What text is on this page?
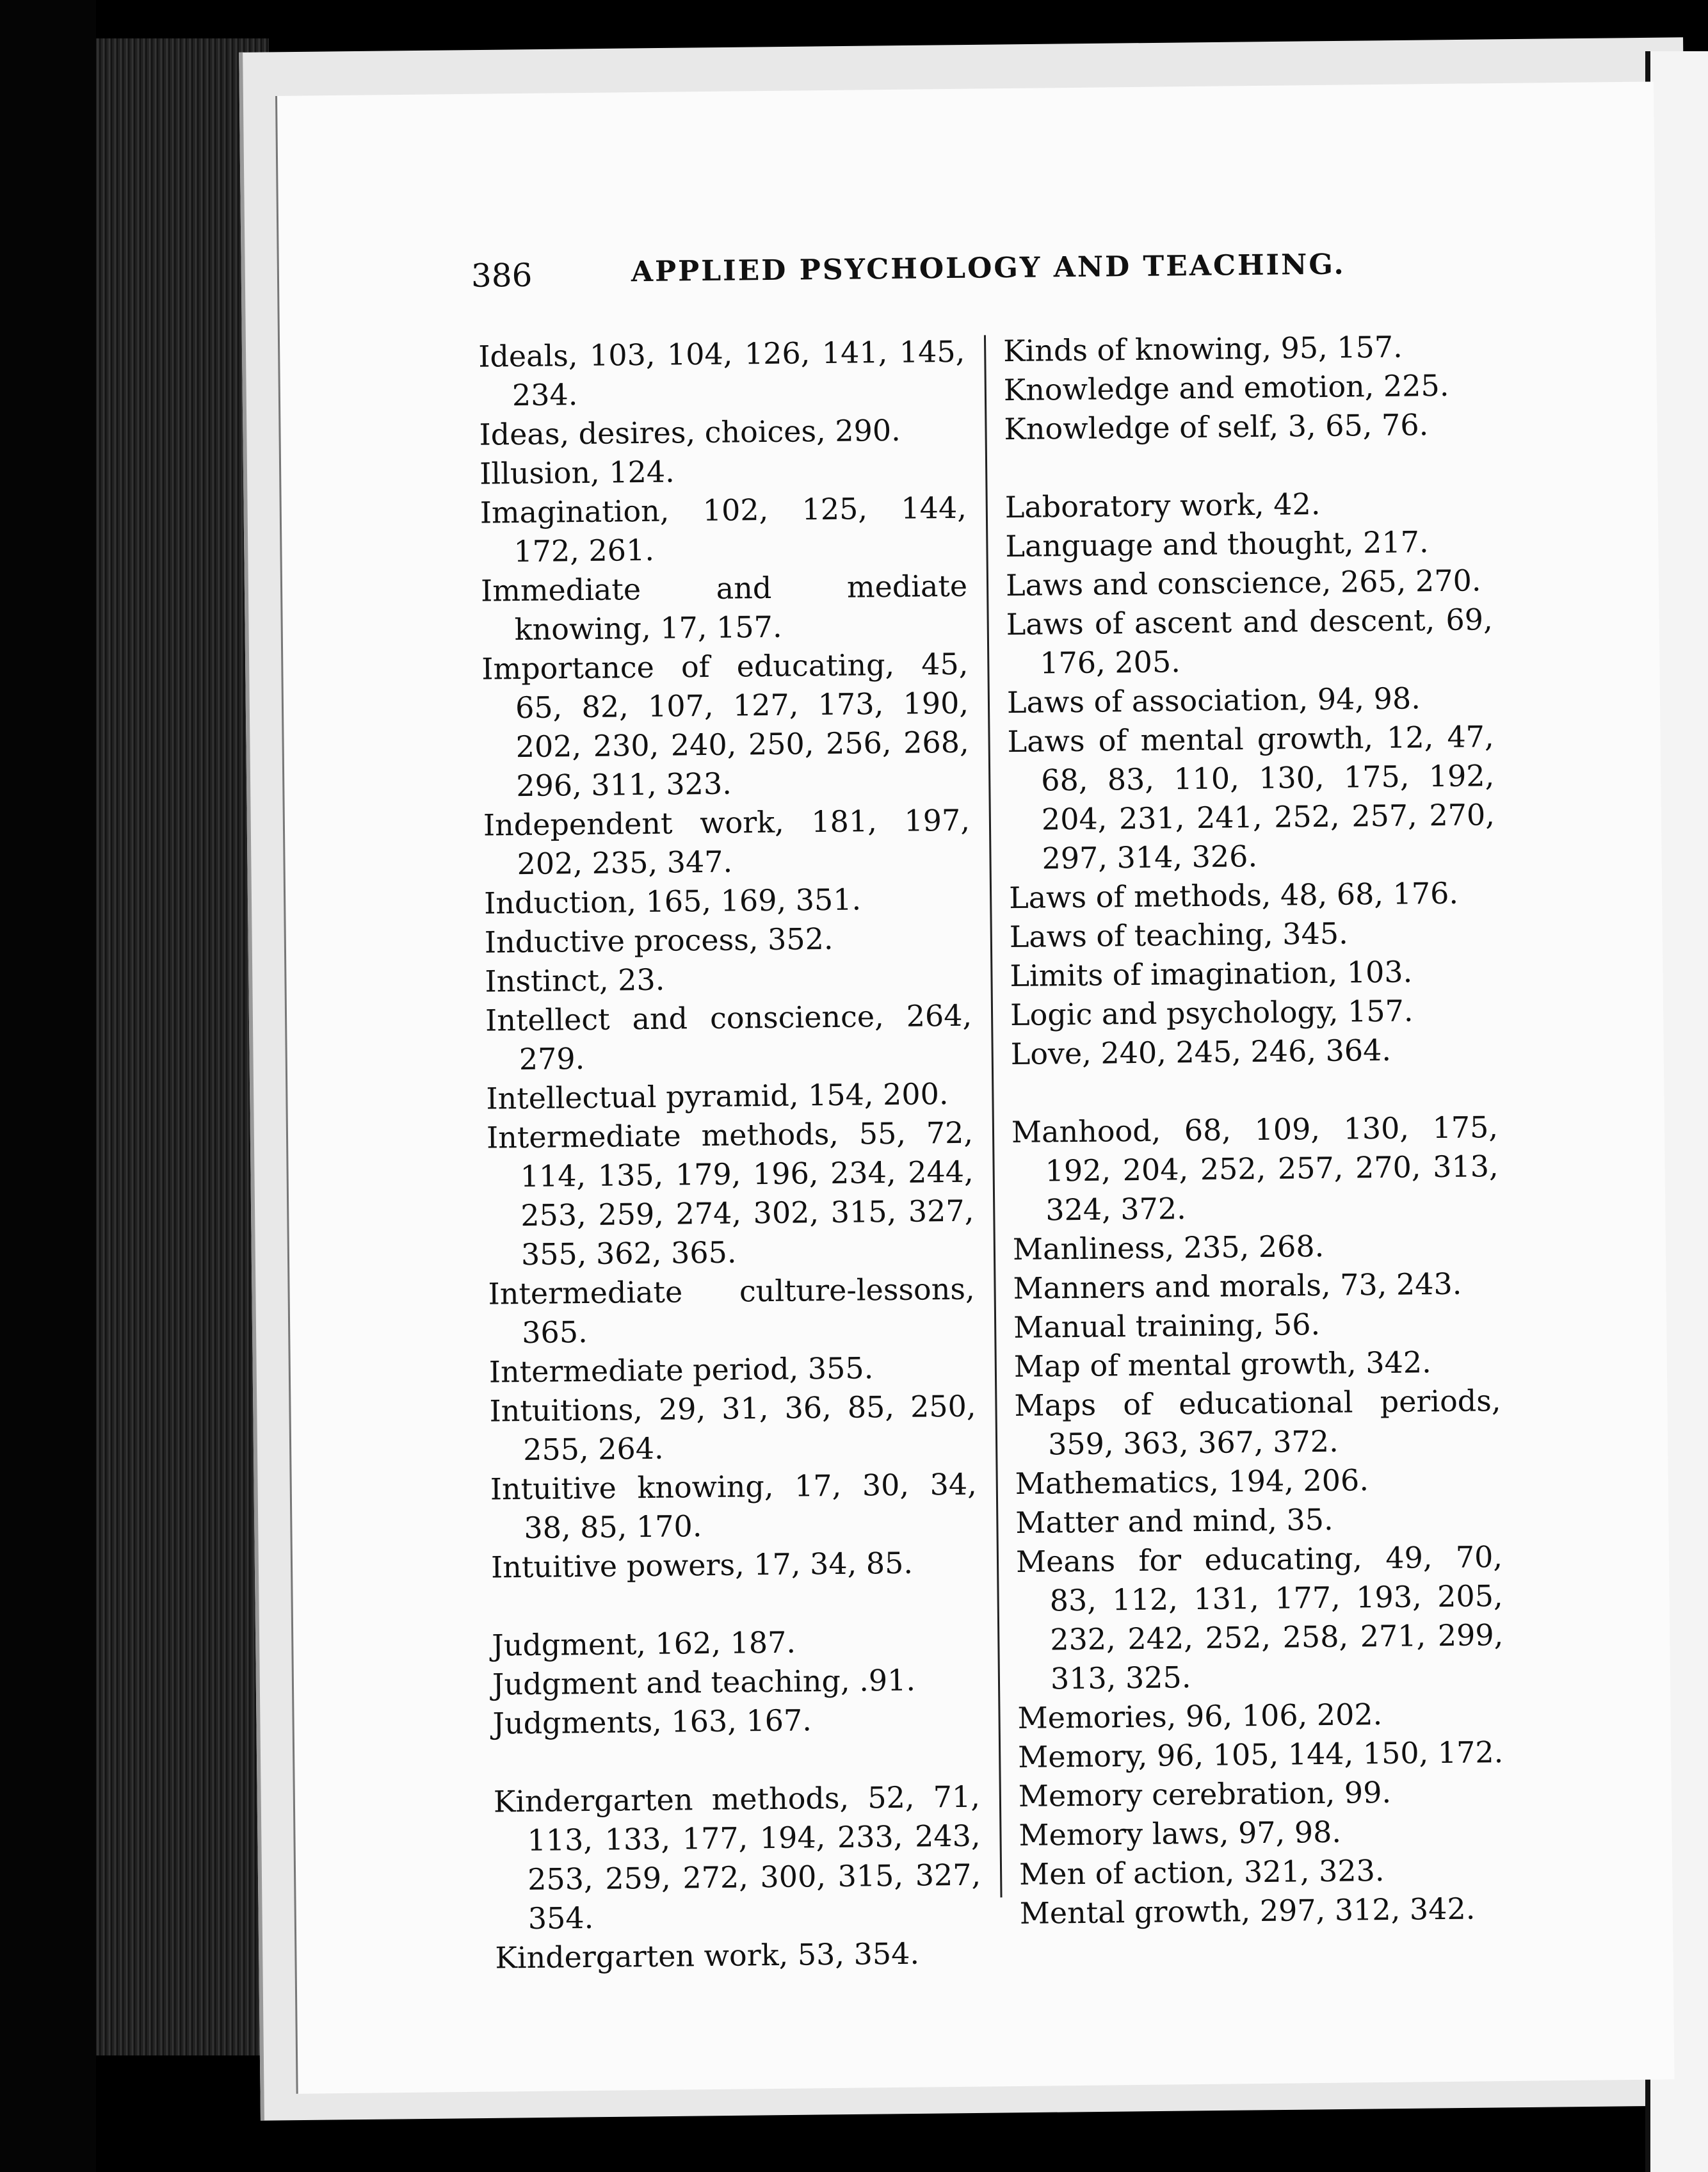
386	APPLIED PSYCHOLOGY AND TEACHING.

Ideals, 103, 104, 126, 141, 145, 234.

Ideas, desires, choices, 290.

Illusion, 124.

Imagination, 102, 125, 144, 172, 261.

Immediate and mediate knowing, 17, 157.

Importance of educating, 45, 65, 82, 107, 127, 173, 190, 202, 230, 240, 250, 256, 268, 296, 311, 323.

Independent work, 181, 197, 202, 235, 347.

Induction, 165, 169, 351.

Inductive process, 352.

Instinct, 23.

Intellect and conscience, 264, 279.

Intellectual pyramid, 154, 200.

Intermediate methods, 55, 72, 114, 135, 179, 196, 234, 244, 253, 259, 274, 302, 315, 327, 355, 362, 365.

Intermediate culture-lessons, 365.

Intermediate period, 355.

Intuitions, 29, 31, 36, 85, 250, 255, 264.

Intuitive knowing, 17, 30, 34, 38, 85, 170.

Intuitive powers, 17, 34, 85.

Judgment, 162, 187.

Judgment and teaching, .91.

Judgments, 163, 167.

Kindergarten methods, 52, 71, 113, 133, 177, 194, 233, 243, 253, 259, 272, 300, 315, 327, 354.

Kindergarten work, 53, 354.

Kinds of knowing, 95, 157.

Knowledge and emotion, 225.

Knowledge of self, 3, 65, 76.

Laboratory work, 42.

Language and thought, 217.

Laws and conscience, 265, 270.

Laws of ascent and descent, 69, 176, 205.

Laws of association, 94, 98.

Laws of mental growth, 12, 47, 68, 83, 110, 130, 175, 192, 204, 231, 241, 252, 257, 270, 297, 314, 326.

Laws of methods, 48, 68, 176.

Laws of teaching, 345.

Limits of imagination, 103.

Logic and psychology, 157.

Love, 240, 245, 246, 364.

Manhood, 68, 109, 130, 175, 192, 204, 252, 257, 270, 313, 324, 372.

Manliness, 235, 268.

Manners and morals, 73, 243.

Manual training, 56.

Map of mental growth, 342.

Maps of educational periods, 359, 363, 367, 372.

Mathematics, 194, 206.

Matter and mind, 35.

Means for educating, 49, 70, 83, 112, 131, 177, 193, 205, 232, 242, 252, 258, 271, 299, 313, 325.

Memories, 96, 106, 202.

Memory, 96, 105, 144, 150, 172.

Memory cerebration, 99.

Memory laws, 97, 98.

Men of action, 321, 323.

Mental growth, 297, 312, 342.
